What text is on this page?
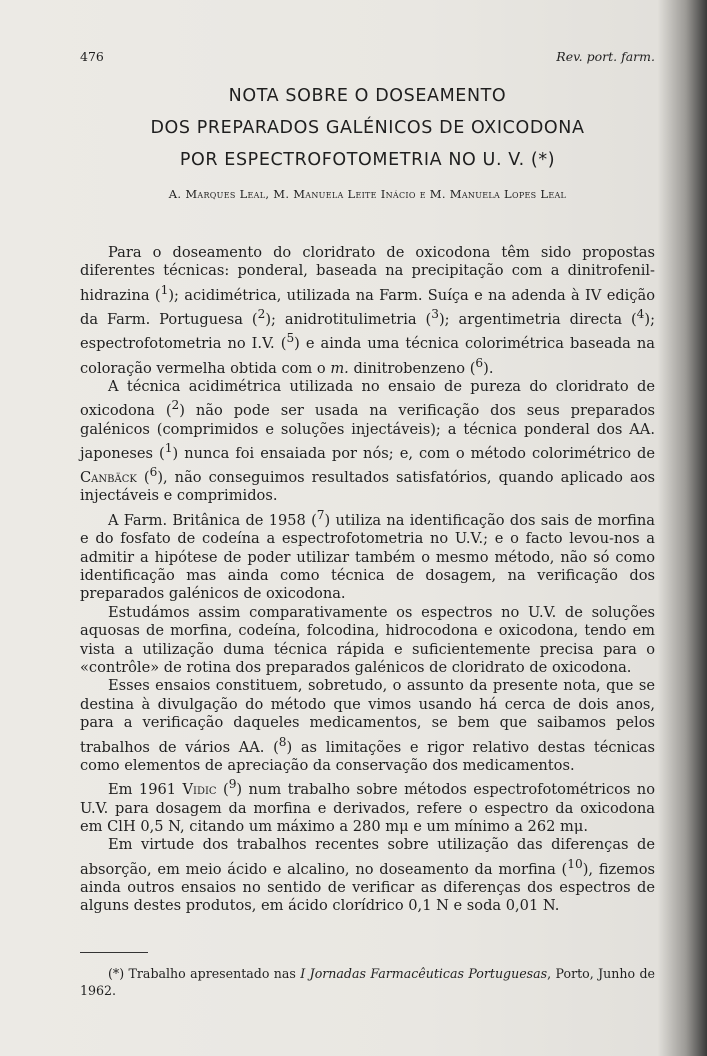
476	Rev. port. farm.
NOTA SOBRE O DOSEAMENTO
DOS PREPARADOS GALÉNICOS DE OXICODONA
POR ESPECTROFOTOMETRIA NO U. V. (*)
A. Marques Leal, M. Manuela Leite Inácio e M. Manuela Lopes Leal

Para o doseamento do cloridrato de oxicodona têm sido propostas diferentes técnicas: ponderal, baseada na precipitação com a dinitrofenil-hidrazina ($^1$); acidimétrica, utilizada na Farm. Suíça e na adenda à IV edição da Farm. Portuguesa ($^2$); anidrotitulimetria ($^3$); argentimetria directa ($^4$); espectrofotometria no I.V. ($^5$) e ainda uma técnica colorimétrica baseada na coloração vermelha obtida com o m. dinitrobenzeno ($^6$).

A técnica acidimétrica utilizada no ensaio de pureza do cloridrato de oxicodona ($^2$) não pode ser usada na verificação dos seus preparados galénicos (comprimidos e soluções injectáveis); a técnica ponderal dos AA. japoneses ($^1$) nunca foi ensaiada por nós; e, com o método colorimétrico de Canbäck ($^6$), não conseguimos resultados satisfatórios, quando aplicado aos injectáveis e comprimidos.

A Farm. Britânica de 1958 ($^7$) utiliza na identificação dos sais de morfina e do fosfato de codeína a espectrofotometria no U.V.; e o facto levou-nos a admitir a hipótese de poder utilizar também o mesmo método, não só como identificação mas ainda como técnica de dosagem, na verificação dos preparados galénicos de oxicodona.

Estudámos assim comparativamente os espectros no U.V. de soluções aquosas de morfina, codeína, folcodina, hidrocodona e oxicodona, tendo em vista a utilização duma técnica rápida e suficientemente precisa para o «contrôle» de rotina dos preparados galénicos de cloridrato de oxicodona.

Esses ensaios constituem, sobretudo, o assunto da presente nota, que se destina à divulgação do método que vimos usando há cerca de dois anos, para a verificação daqueles medicamentos, se bem que saibamos pelos trabalhos de vários AA. ($^8$) as limitações e rigor relativo destas técnicas como elementos de apreciação da conservação dos medicamentos.

Em 1961 Vidic ($^9$) num trabalho sobre métodos espectrofotométricos no U.V. para dosagem da morfina e derivados, refere o espectro da oxicodona em ClH 0,5 N, citando um máximo a 280 mμ e um mínimo a 262 mμ.

Em virtude dos trabalhos recentes sobre utilização das diferenças de absorção, em meio ácido e alcalino, no doseamento da morfina ($^{10}$), fizemos ainda outros ensaios no sentido de verificar as diferenças dos espectros de alguns destes produtos, em ácido clorídrico 0,1 N e soda 0,01 N.

(*) Trabalho apresentado nas I Jornadas Farmacêuticas Portuguesas, Porto, Junho de 1962.
